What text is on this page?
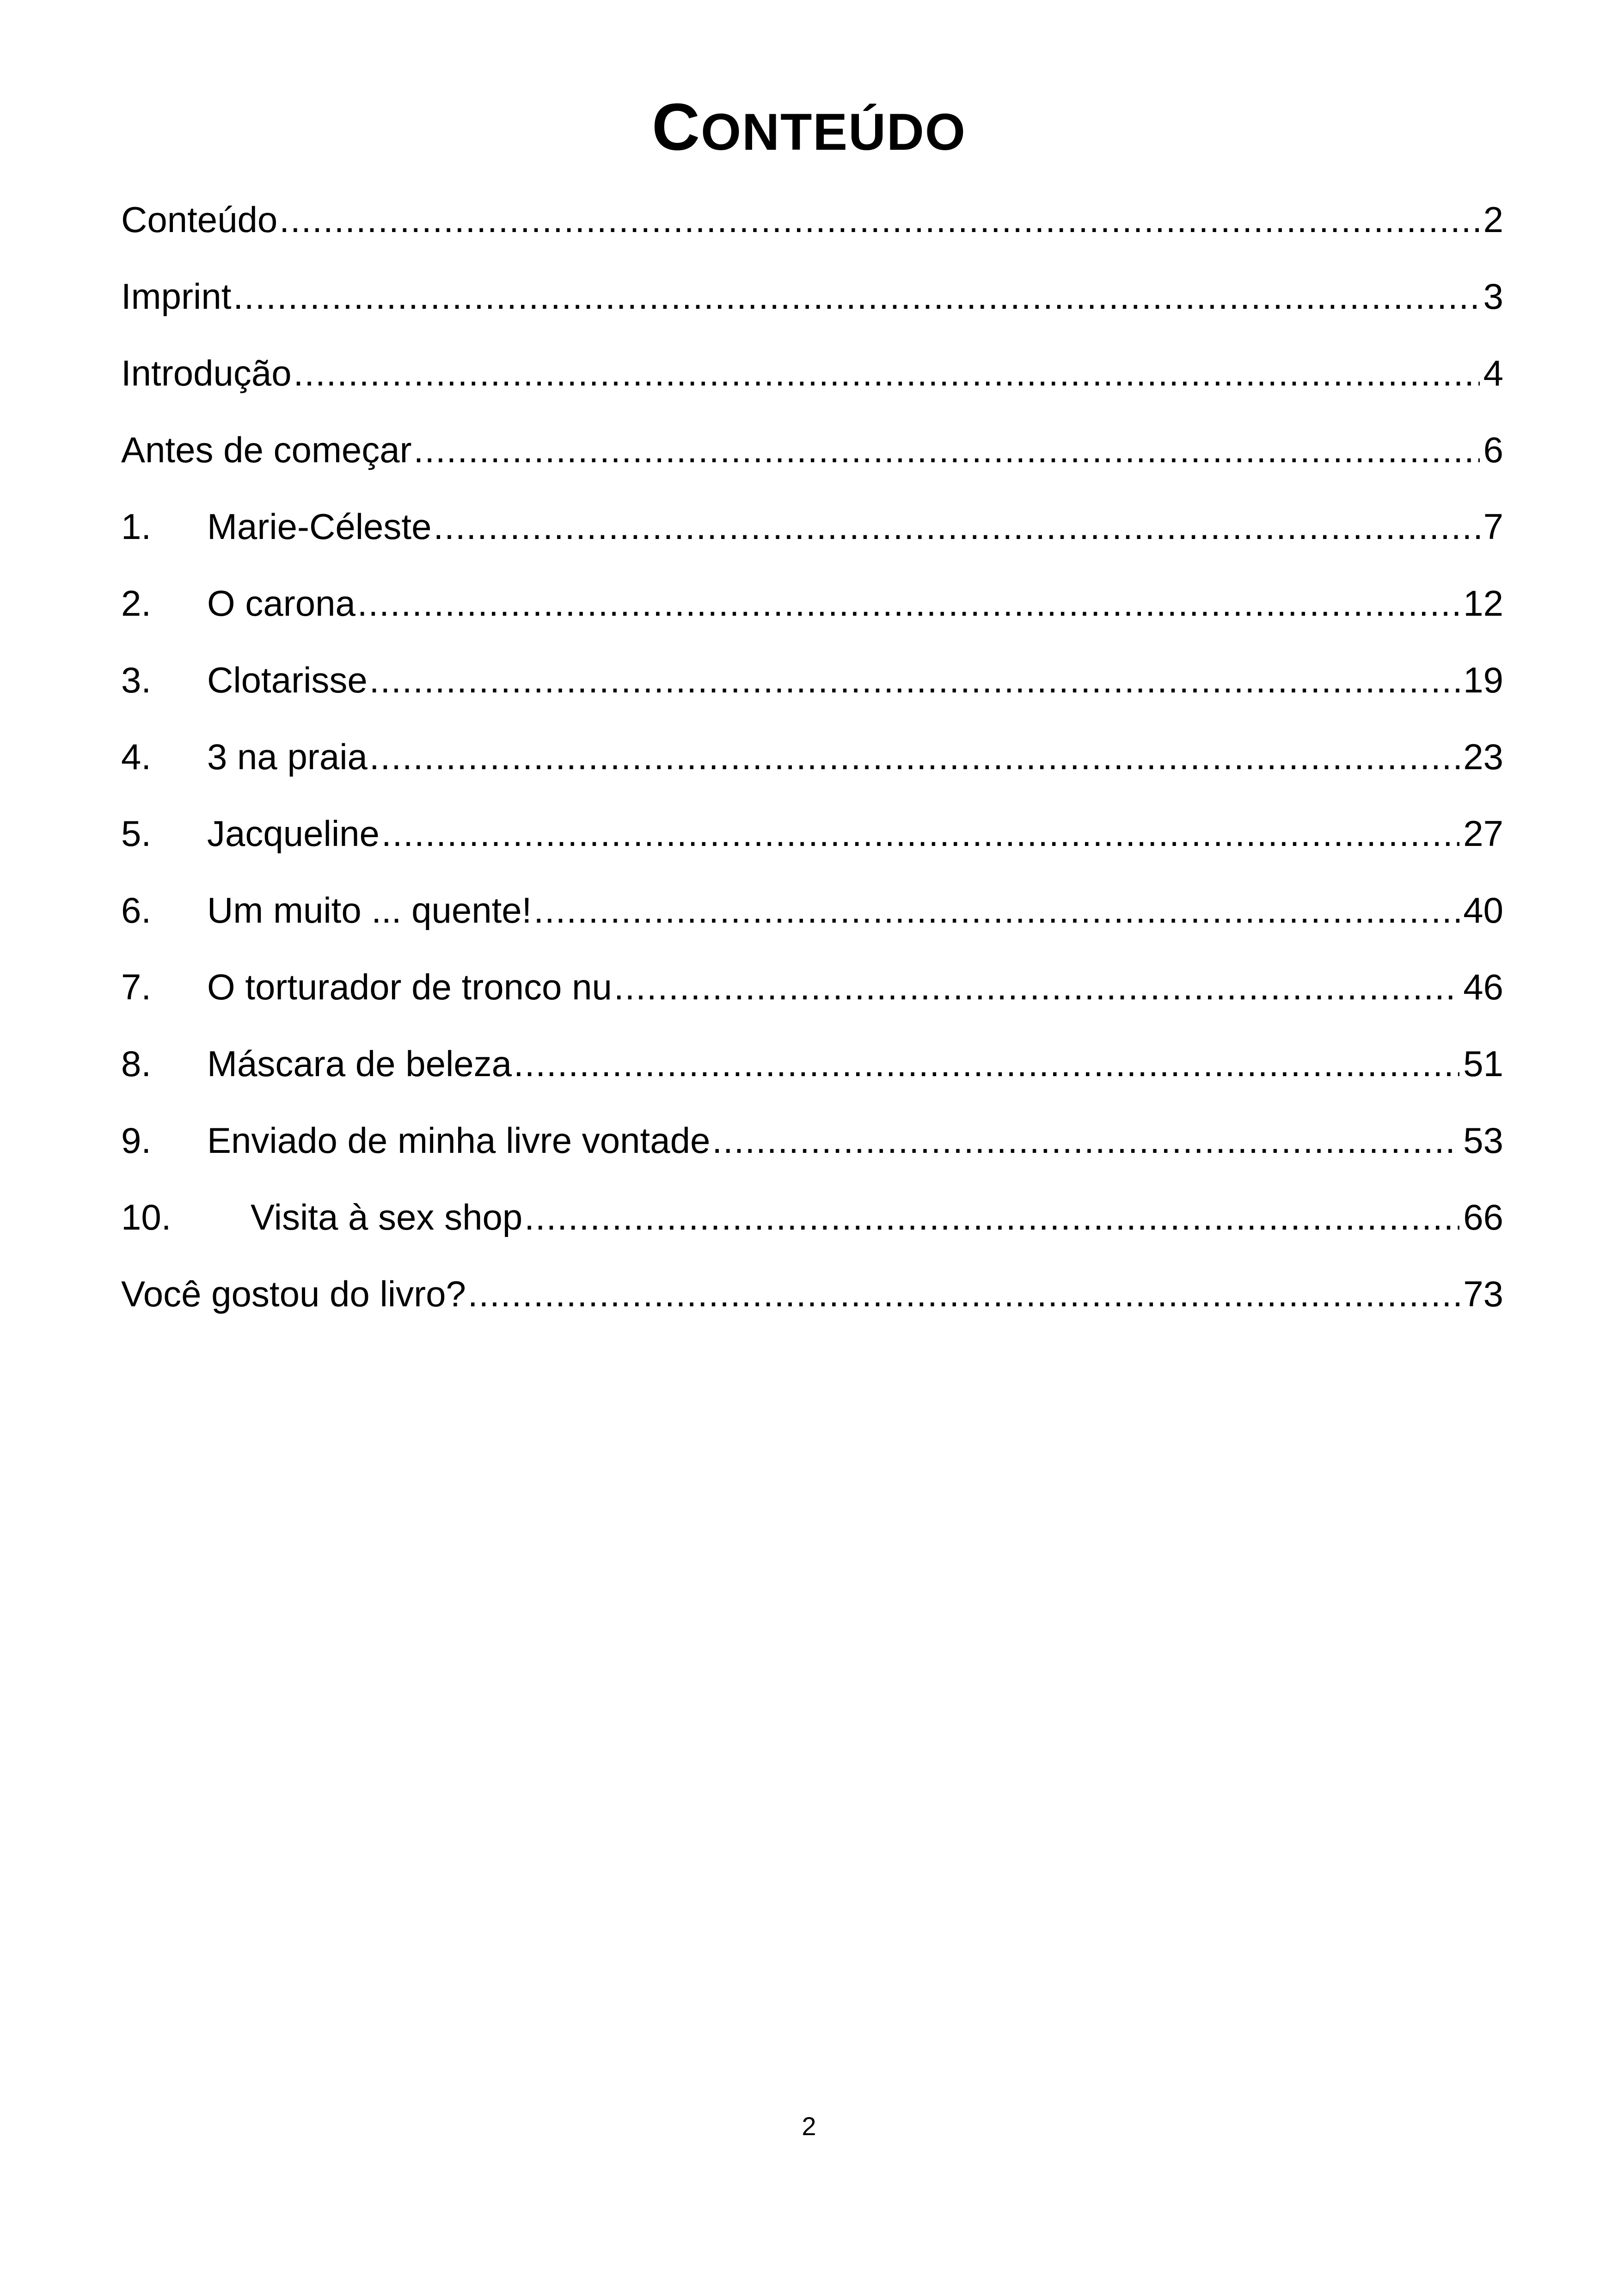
CONTEÚDO
Conteúdo .....	2
Imprint .....	3
Introdução .....	4
Antes de começar .....	6
1.	Marie-Céleste .....	7
2.	O carona .....	12
3.	Clotarisse .....	19
4.	3 na praia .....	23
5.	Jacqueline .....	27
6.	Um muito ... quente! .....	40
7.	O torturador de tronco nu .....	46
8.	Máscara de beleza .....	51
9.	Enviado de minha livre vontade .....	53
10.	Visita à sex shop .....	66
Você gostou do livro? .....	73
2
